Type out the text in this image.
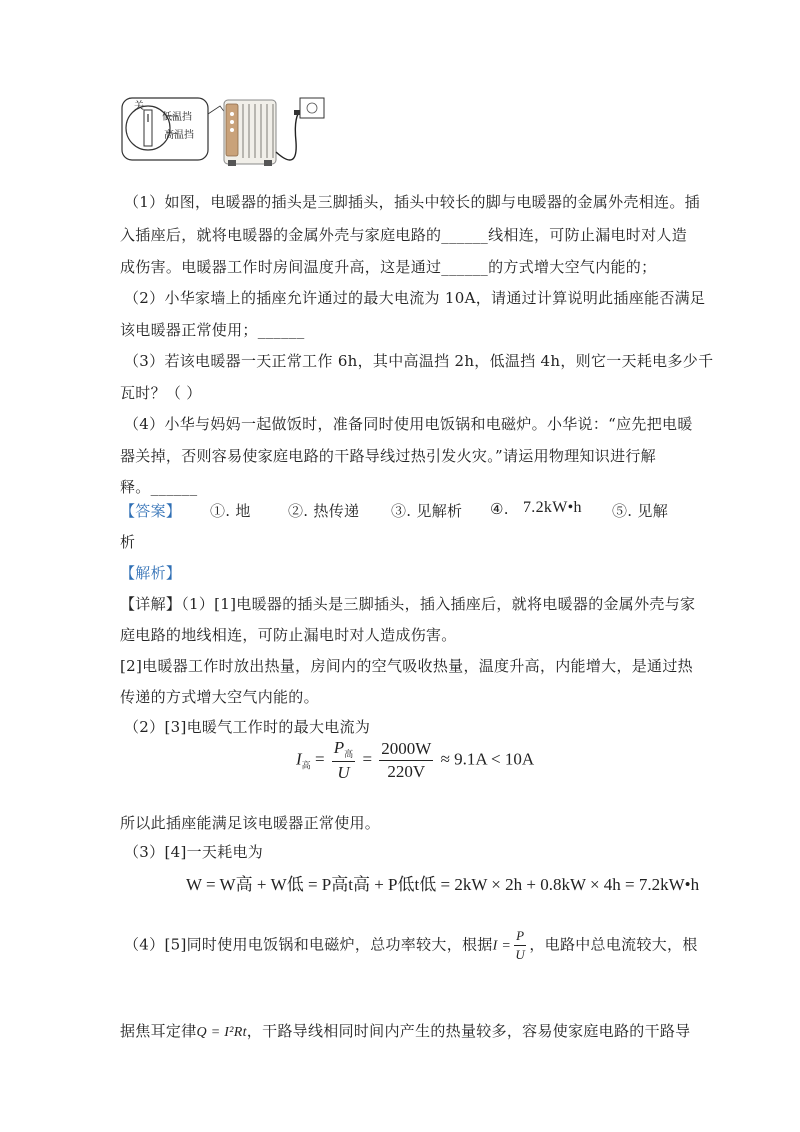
关
低温挡
高温挡
（1）如图，电暖器的插头是三脚插头，插头中较长的脚与电暖器的金属外壳相连。插
入插座后，就将电暖器的金属外壳与家庭电路的______线相连，可防止漏电时对人造
成伤害。电暖器工作时房间温度升高，这是通过______的方式增大空气内能的；
（2）小华家墙上的插座允许通过的最大电流为 10A，请通过计算说明此插座能否满足
该电暖器正常使用；______
（3）若该电暖器一天正常工作 6h，其中高温挡 2h，低温挡 4h，则它一天耗电多少千
瓦时？（ ）
（4）小华与妈妈一起做饭时，准备同时使用电饭锅和电磁炉。小华说：“应先把电暖
器关掉，否则容易使家庭电路的干路导线过热引发火灾。”请运用物理知识进行解
释。______
【答案】 ①. 地 ②. 热传递 ③. 见解析 ④. 7.2kW•h ⑤. 见解
析
【解析】
【详解】（1）[1]电暖器的插头是三脚插头，插入插座后，就将电暖器的金属外壳与家
庭电路的地线相连，可防止漏电时对人造成伤害。
[2]电暖器工作时放出热量，房间内的空气吸收热量，温度升高，内能增大，是通过热
传递的方式增大空气内能的。
（2）[3]电暖气工作时的最大电流为
$I_高 = \frac{P_高}{U} = \frac{2000W}{220V} \approx 9.1A < 10A$
所以此插座能满足该电暖器正常使用。
（3）[4]一天耗电为
W = W高 + W低 = P高t高 + P低t低 = 2kW × 2h + 0.8kW × 4h = 7.2kW•h
（4）[5]同时使用电饭锅和电磁炉，总功率较大，根据$I = \frac{P}{U}$ ，电路中总电流较大，根
据焦耳定律Q = I²Rt，干路导线相同时间内产生的热量较多，容易使家庭电路的干路导
